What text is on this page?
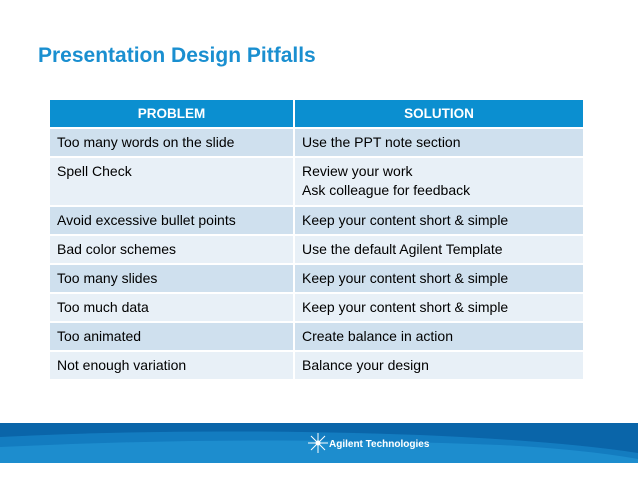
Presentation Design Pitfalls
PROBLEM	SOLUTION
Too many words on the slide	Use the PPT note section

Spell Check	Review your work
Ask colleague for feedback

Avoid excessive bullet points	Keep your content short & simple

Bad color schemes	Use the default Agilent Template

Too many slides	Keep your content short & simple

Too much data	Keep your content short & simple

Too animated	Create balance in action

Not enough variation	Balance your design
Agilent Technologies
